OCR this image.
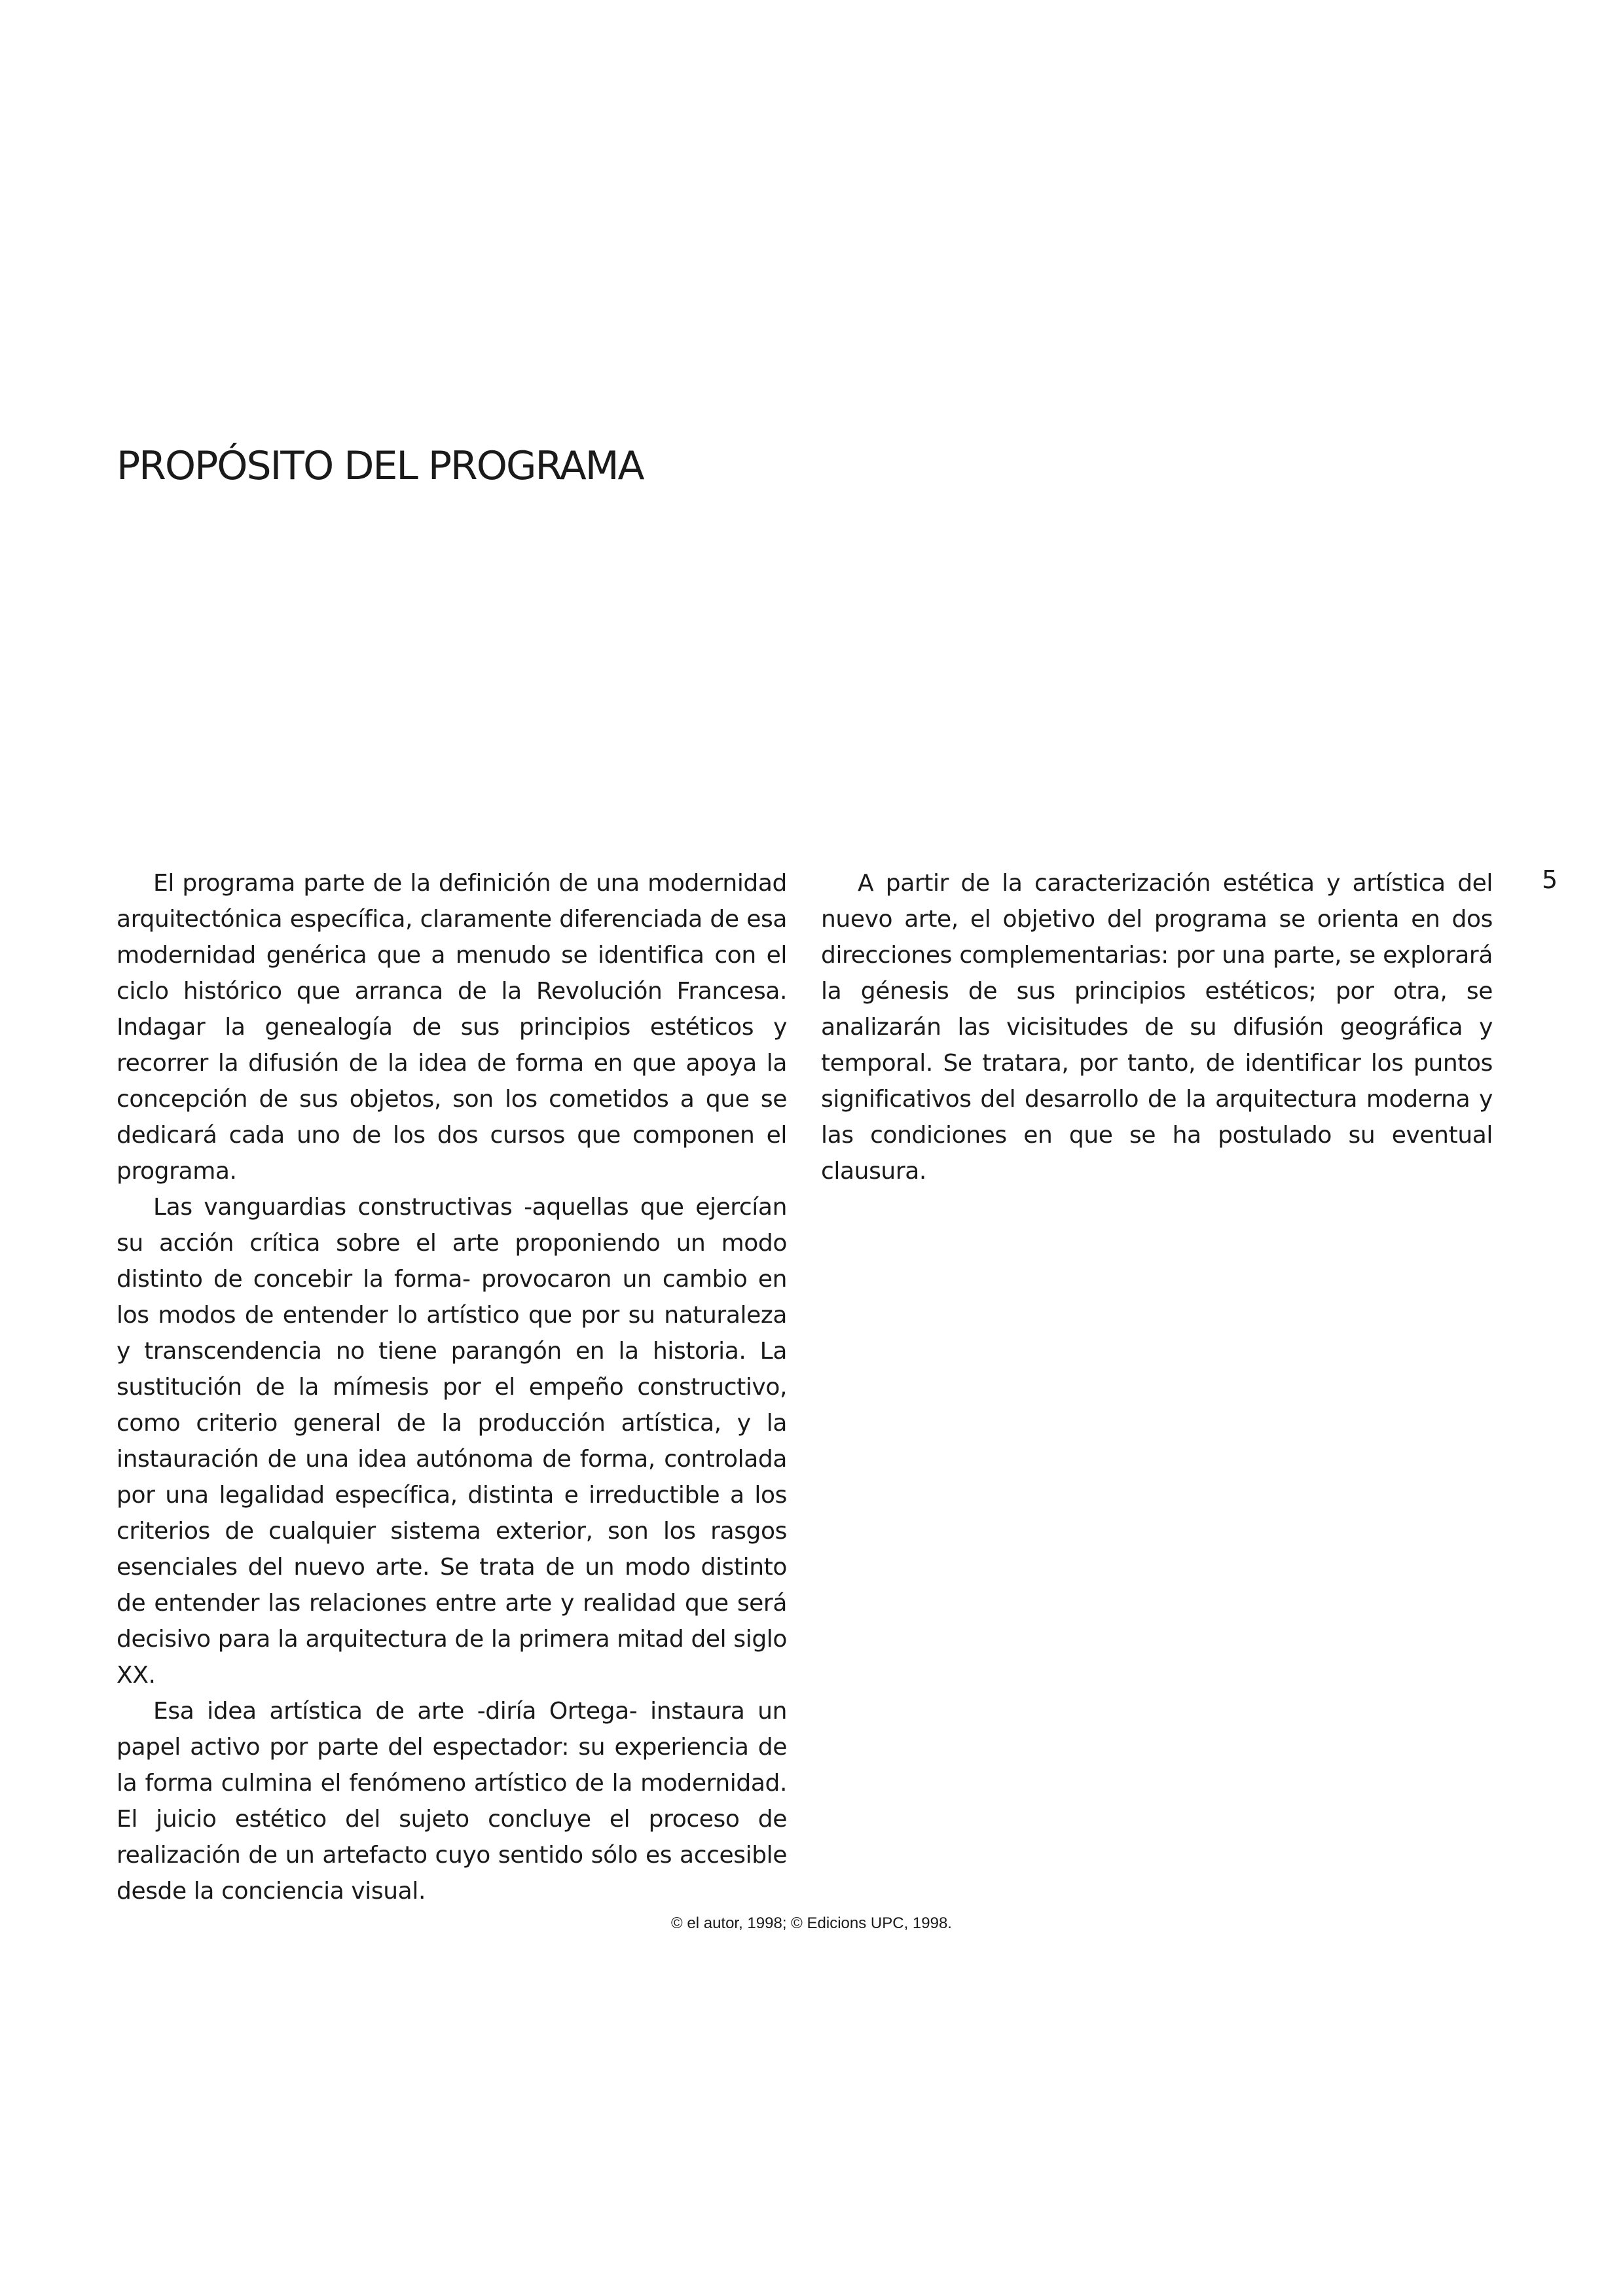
PROPÓSITO DEL PROGRAMA
5

El programa parte de la definición de una modernidad arquitectónica específica, claramente diferenciada de esa modernidad genérica que a menudo se identifica con el ciclo histórico que arranca de la Revolución Francesa. Indagar la genealogía de sus principios estéticos y recorrer la difusión de la idea de forma en que apoya la concepción de sus objetos, son los cometidos a que se dedicará cada uno de los dos cursos que componen el programa.

Las vanguardias constructivas -aquellas que ejercían su acción crítica sobre el arte proponiendo un modo distinto de concebir la forma- provocaron un cambio en los modos de entender lo artístico que por su naturaleza y transcendencia no tiene parangón en la historia. La sustitución de la mímesis por el empeño constructivo, como criterio general de la producción artística, y la instauración de una idea autónoma de forma, controlada por una legalidad específica, distinta e irreductible a los criterios de cualquier sistema exterior, son los rasgos esenciales del nuevo arte. Se trata de un modo distinto de entender las relaciones entre arte y realidad que será decisivo para la arquitectura de la primera mitad del siglo XX.

Esa idea artística de arte -diría Ortega- instaura un papel activo por parte del espectador: su experiencia de la forma culmina el fenómeno artístico de la modernidad. El juicio estético del sujeto concluye el proceso de realización de un artefacto cuyo sentido sólo es accesible desde la conciencia visual.

A partir de la caracterización estética y artística del nuevo arte, el objetivo del programa se orienta en dos direcciones complementarias: por una parte, se explorará la génesis de sus principios estéticos; por otra, se analizarán las vicisitudes de su difusión geográfica y temporal. Se tratara, por tanto, de identificar los puntos significativos del desarrollo de la arquitectura moderna y las condiciones en que se ha postulado su eventual clausura.

© el autor, 1998; © Edicions UPC, 1998.
